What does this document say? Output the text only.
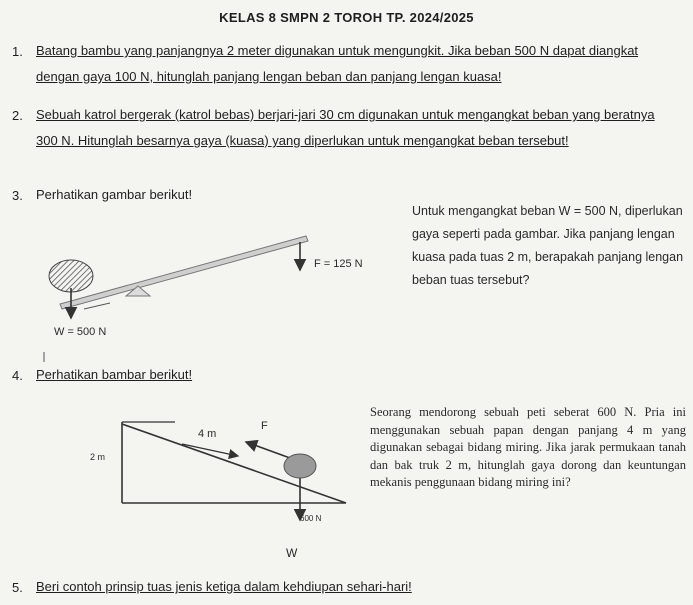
KELAS 8 SMPN 2 TOROH TP. 2024/2025
1. Batang bambu yang panjangnya 2 meter digunakan untuk mengungkit. Jika beban 500 N dapat diangkat dengan gaya 100 N, hitunglah panjang lengan beban dan panjang lengan kuasa!
2. Sebuah katrol bergerak (katrol bebas) berjari-jari 30 cm digunakan untuk mengangkat beban yang beratnya 300 N. Hitunglah besarnya gaya (kuasa) yang diperlukan untuk mengangkat beban tersebut!
3. Perhatikan gambar berikut!
Untuk mengangkat beban W = 500 N, diperlukan gaya seperti pada gambar. Jika panjang lengan kuasa pada tuas 2 m, berapakah panjang lengan beban tuas tersebut?
4. Perhatikan bambar berikut!
Seorang mendorong sebuah peti seberat 600 N. Pria ini menggunakan sebuah papan dengan panjang 4 m yang digunakan sebagai bidang miring. Jika jarak permukaan tanah dan bak truk 2 m, hitunglah gaya dorong dan keuntungan mekanis penggunaan bidang miring ini?
5. Beri contoh prinsip tuas jenis ketiga dalam kehdiupan sehari-hari!
F = 125 N
W = 500 N
F
4 m
2 m
600 N
W
